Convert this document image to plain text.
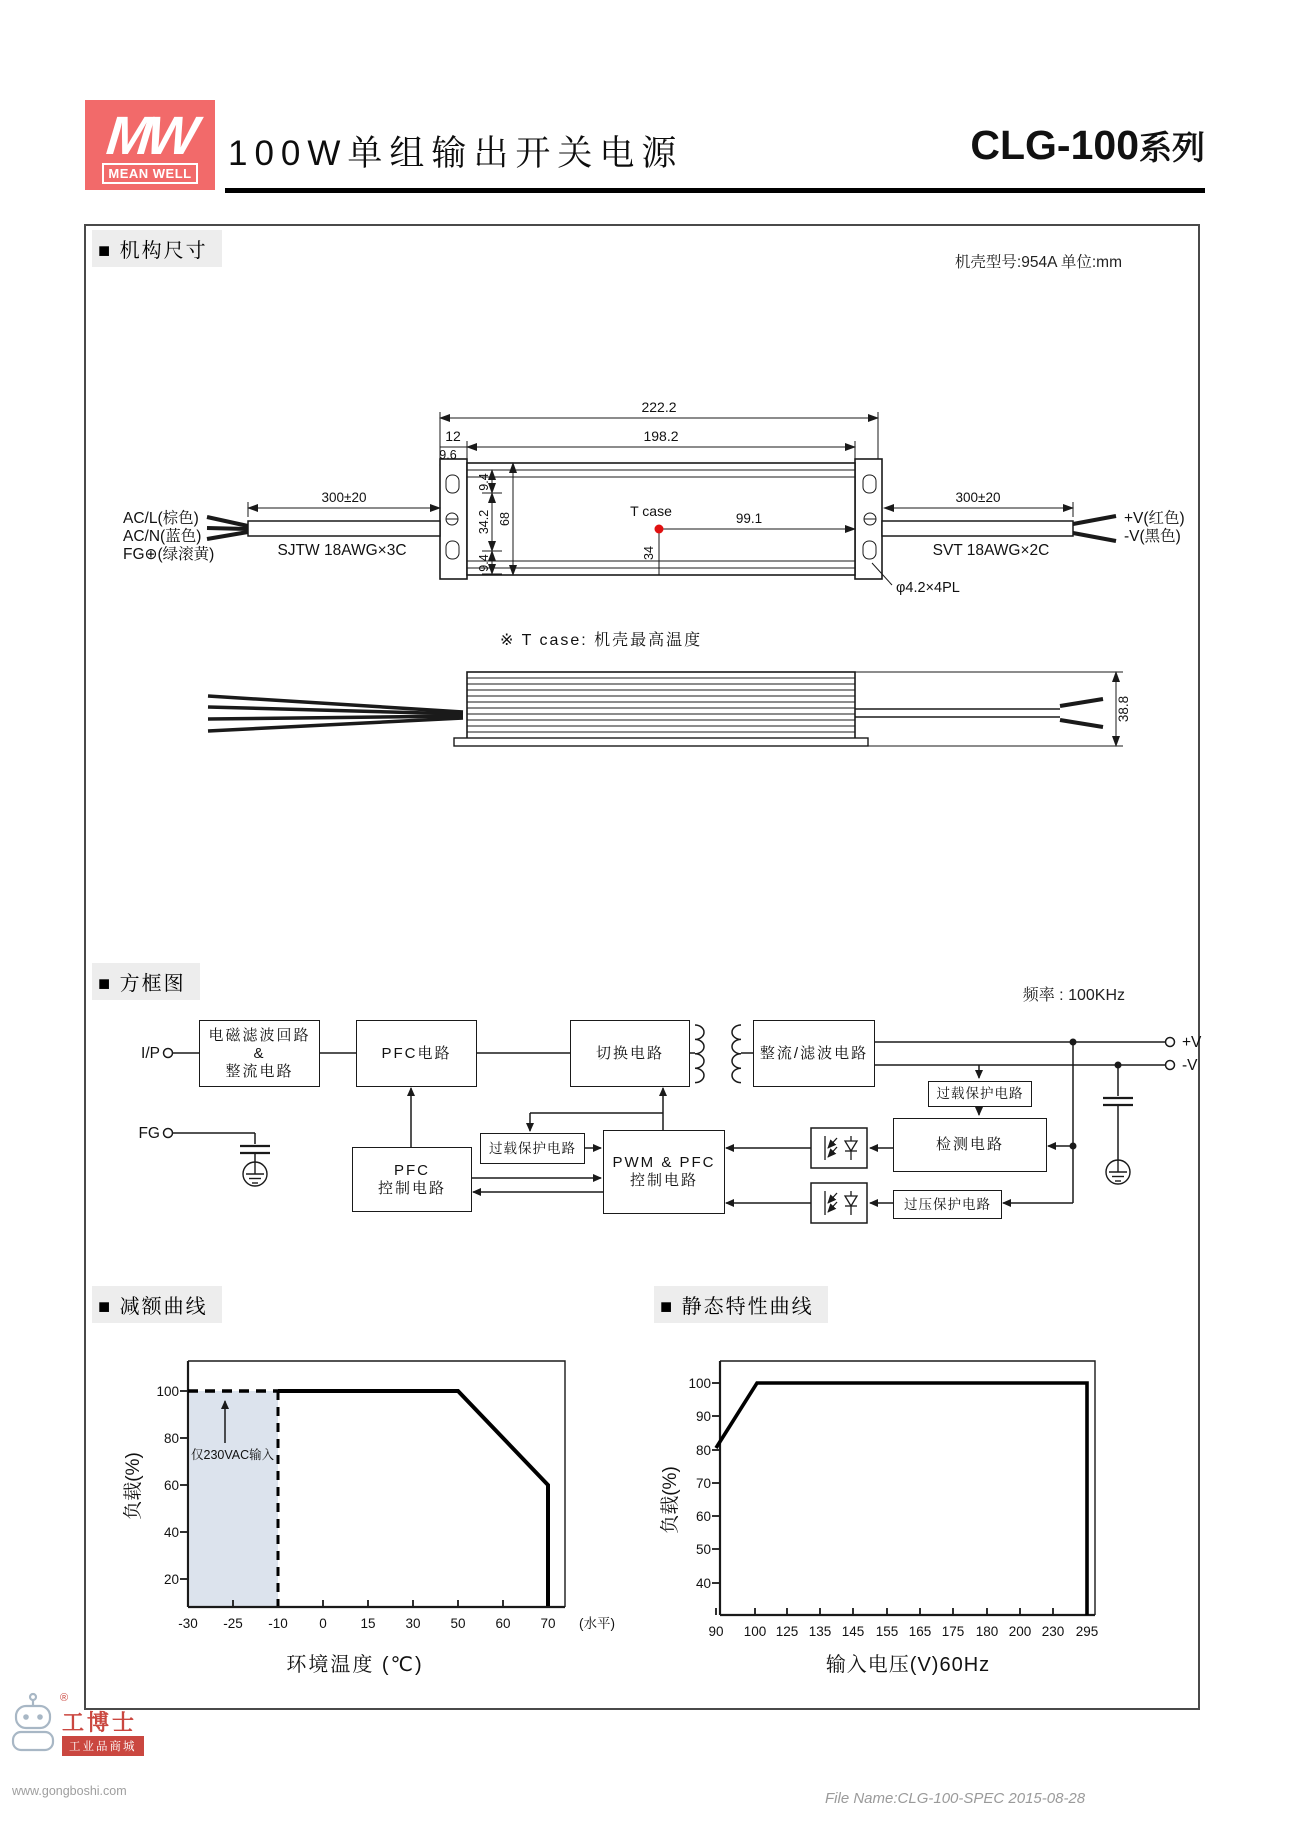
MW
MEAN WELL
100W单组输出开关电源	CLG-100系列
■ 机构尺寸
机壳型号:954A 单位:mm
■ 方框图
频率 : 100KHz
■ 减额曲线	■ 静态特性曲线
222.2
198.2
12
9.6
9.4
34.2
9.4
68	T case	99.1
34
300±20	300±20
AC/L(棕色)
AC/N(蓝色)
FG⊕(绿滚黄)	SJTW 18AWG×3C	SVT 18AWG×2C
+V(红色)
-V(黑色)
φ4.2×4PL
※ T case: 机壳最高温度
38.8
I/P
FG
+V
-V
电磁滤波回路
&
整流电路
PFC电路	切换电路	整流/滤波电路
过载保护电路
检测电路
PWM & PFC
控制电路
过载保护电路
PFC
控制电路
过压保护电路
仅230VAC输入
100
80
60
40
20
-30 -25 -10 0 15 30 50 60 70 (水平)
负载(%)
环境温度 (℃)
100
90
80
70
60
50
40
90 100 125 135 145 155 165 175 180 200 230 295
负载(%)
输入电压(V)60Hz
®
工博士
工业品商城
www.gongboshi.com	File Name:CLG-100-SPEC 2015-08-28
